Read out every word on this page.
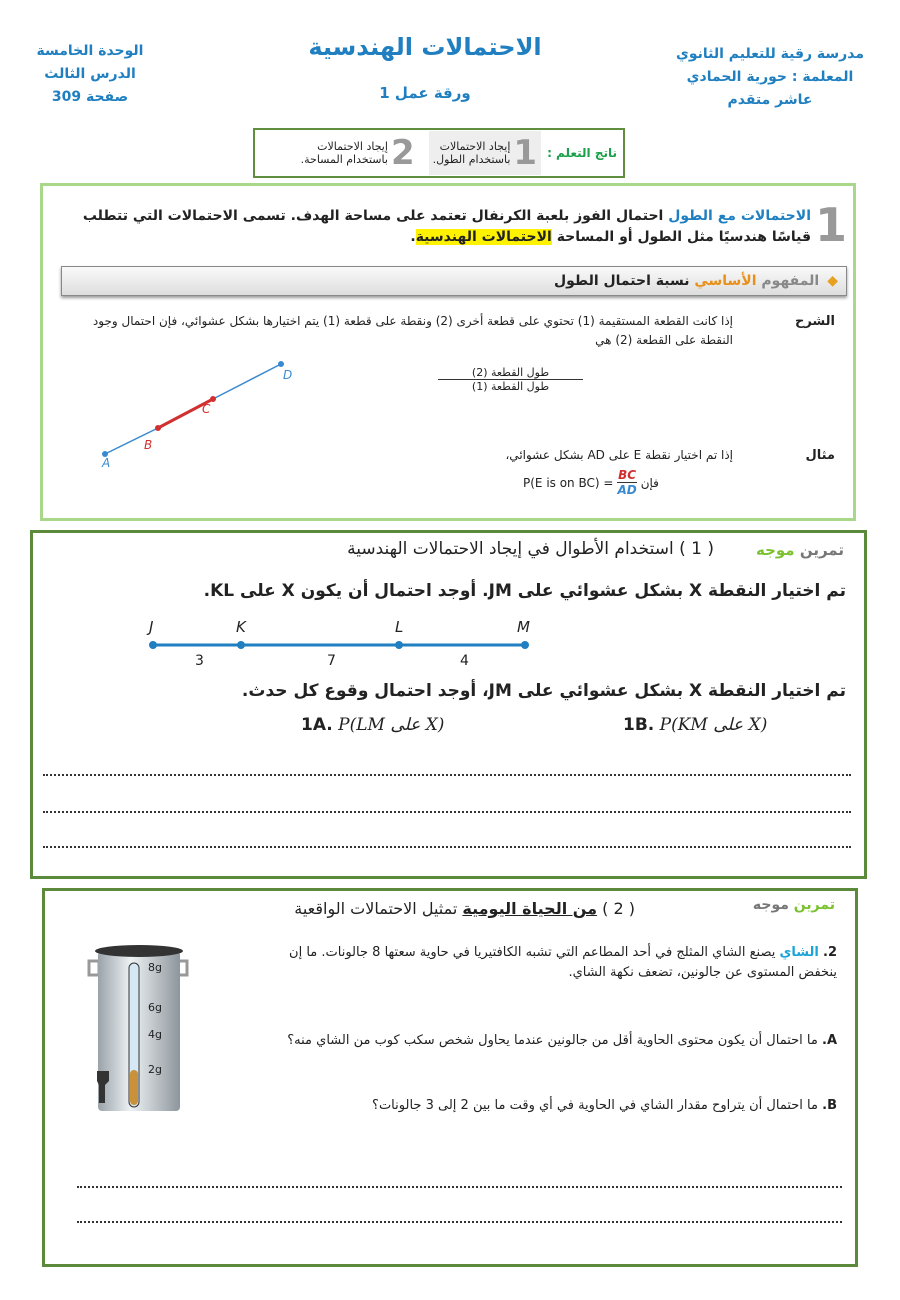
الوحدة الخامسة
الدرس الثالث
صفحة 309
الاحتمالات الهندسية
ورقة عمل 1
مدرسة رقية للتعليم الثانوي
المعلمة : حورية الحمادي
عاشر متقدم
ناتج التعلم :
1
إيجاد الاحتمالات
باستخدام الطول.
2
إيجاد الاحتمالات
باستخدام المساحة.
1
الاحتمالات مع الطول احتمال الفوز بلعبة الكرنفال تعتمد على مساحة الهدف. تسمى الاحتمالات التي تتطلب قياسًا هندسيًا مثل الطول أو المساحة الاحتمالات الهندسية.
◆
المفهوم

الأساسي

نسبة احتمال الطول
الشرح
إذا كانت القطعة المستقيمة (1) تحتوي على قطعة أخرى (2) ونقطة على قطعة (1) يتم اختيارها بشكل عشوائي، فإن احتمال وجود النقطة على القطعة (2) هي
طول القطعة (2)
طول القطعة (1)
A
B
C
D
مثال
إذا تم اختيار نقطة E على AD بشكل عشوائي،
P(E is on $BC) = \frac{BC}{AD}$ فإن
تمرين موجه
( 1 ) استخدام الأطوال في إيجاد الاحتمالات الهندسية
تم اختيار النقطة X بشكل عشوائي على JM. أوجد احتمال أن يكون X على KL.
J	K	L	M
3	7	4
تم اختيار النقطة X بشكل عشوائي على JM، أوجد احتمال وقوع كل حدث.
1A. P(LM على X)	1B. P(KM على X)
تمرين موجه
( 2 ) من الحياة اليومية تمثيل الاحتمالات الواقعية
8g
6g
4g
2g
2. الشاي يصنع الشاي المثلج في أحد المطاعم التي تشبه الكافتيريا في حاوية سعتها 8 جالونات. ما إن ينخفض المستوى عن جالونين، تضعف نكهة الشاي.
A. ما احتمال أن يكون محتوى الحاوية أقل من جالونين عندما يحاول شخص سكب كوب من الشاي منه؟
B. ما احتمال أن يتراوح مقدار الشاي في الحاوية في أي وقت ما بين 2 إلى 3 جالونات؟
